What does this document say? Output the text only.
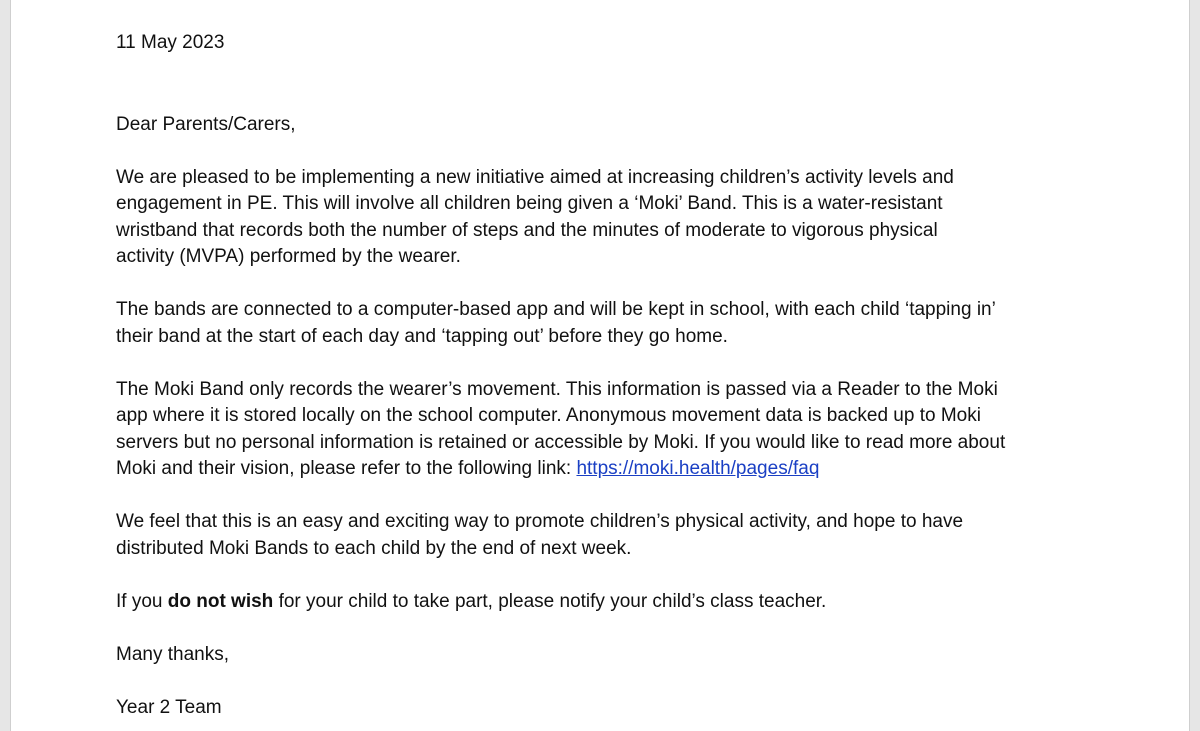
11 May 2023

Dear Parents/Carers,

We are pleased to be implementing a new initiative aimed at increasing children’s activity levels and

engagement in PE. This will involve all children being given a ‘Moki’ Band. This is a water-resistant

wristband that records both the number of steps and the minutes of moderate to vigorous physical

activity (MVPA) performed by the wearer.

The bands are connected to a computer-based app and will be kept in school, with each child ‘tapping in’

their band at the start of each day and ‘tapping out’ before they go home.

The Moki Band only records the wearer’s movement. This information is passed via a Reader to the Moki

app where it is stored locally on the school computer. Anonymous movement data is backed up to Moki

servers but no personal information is retained or accessible by Moki. If you would like to read more about

Moki and their vision, please refer to the following link: https://moki.health/pages/faq

We feel that this is an easy and exciting way to promote children’s physical activity, and hope to have

distributed Moki Bands to each child by the end of next week.

If you do not wish for your child to take part, please notify your child’s class teacher.

Many thanks,

Year 2 Team
